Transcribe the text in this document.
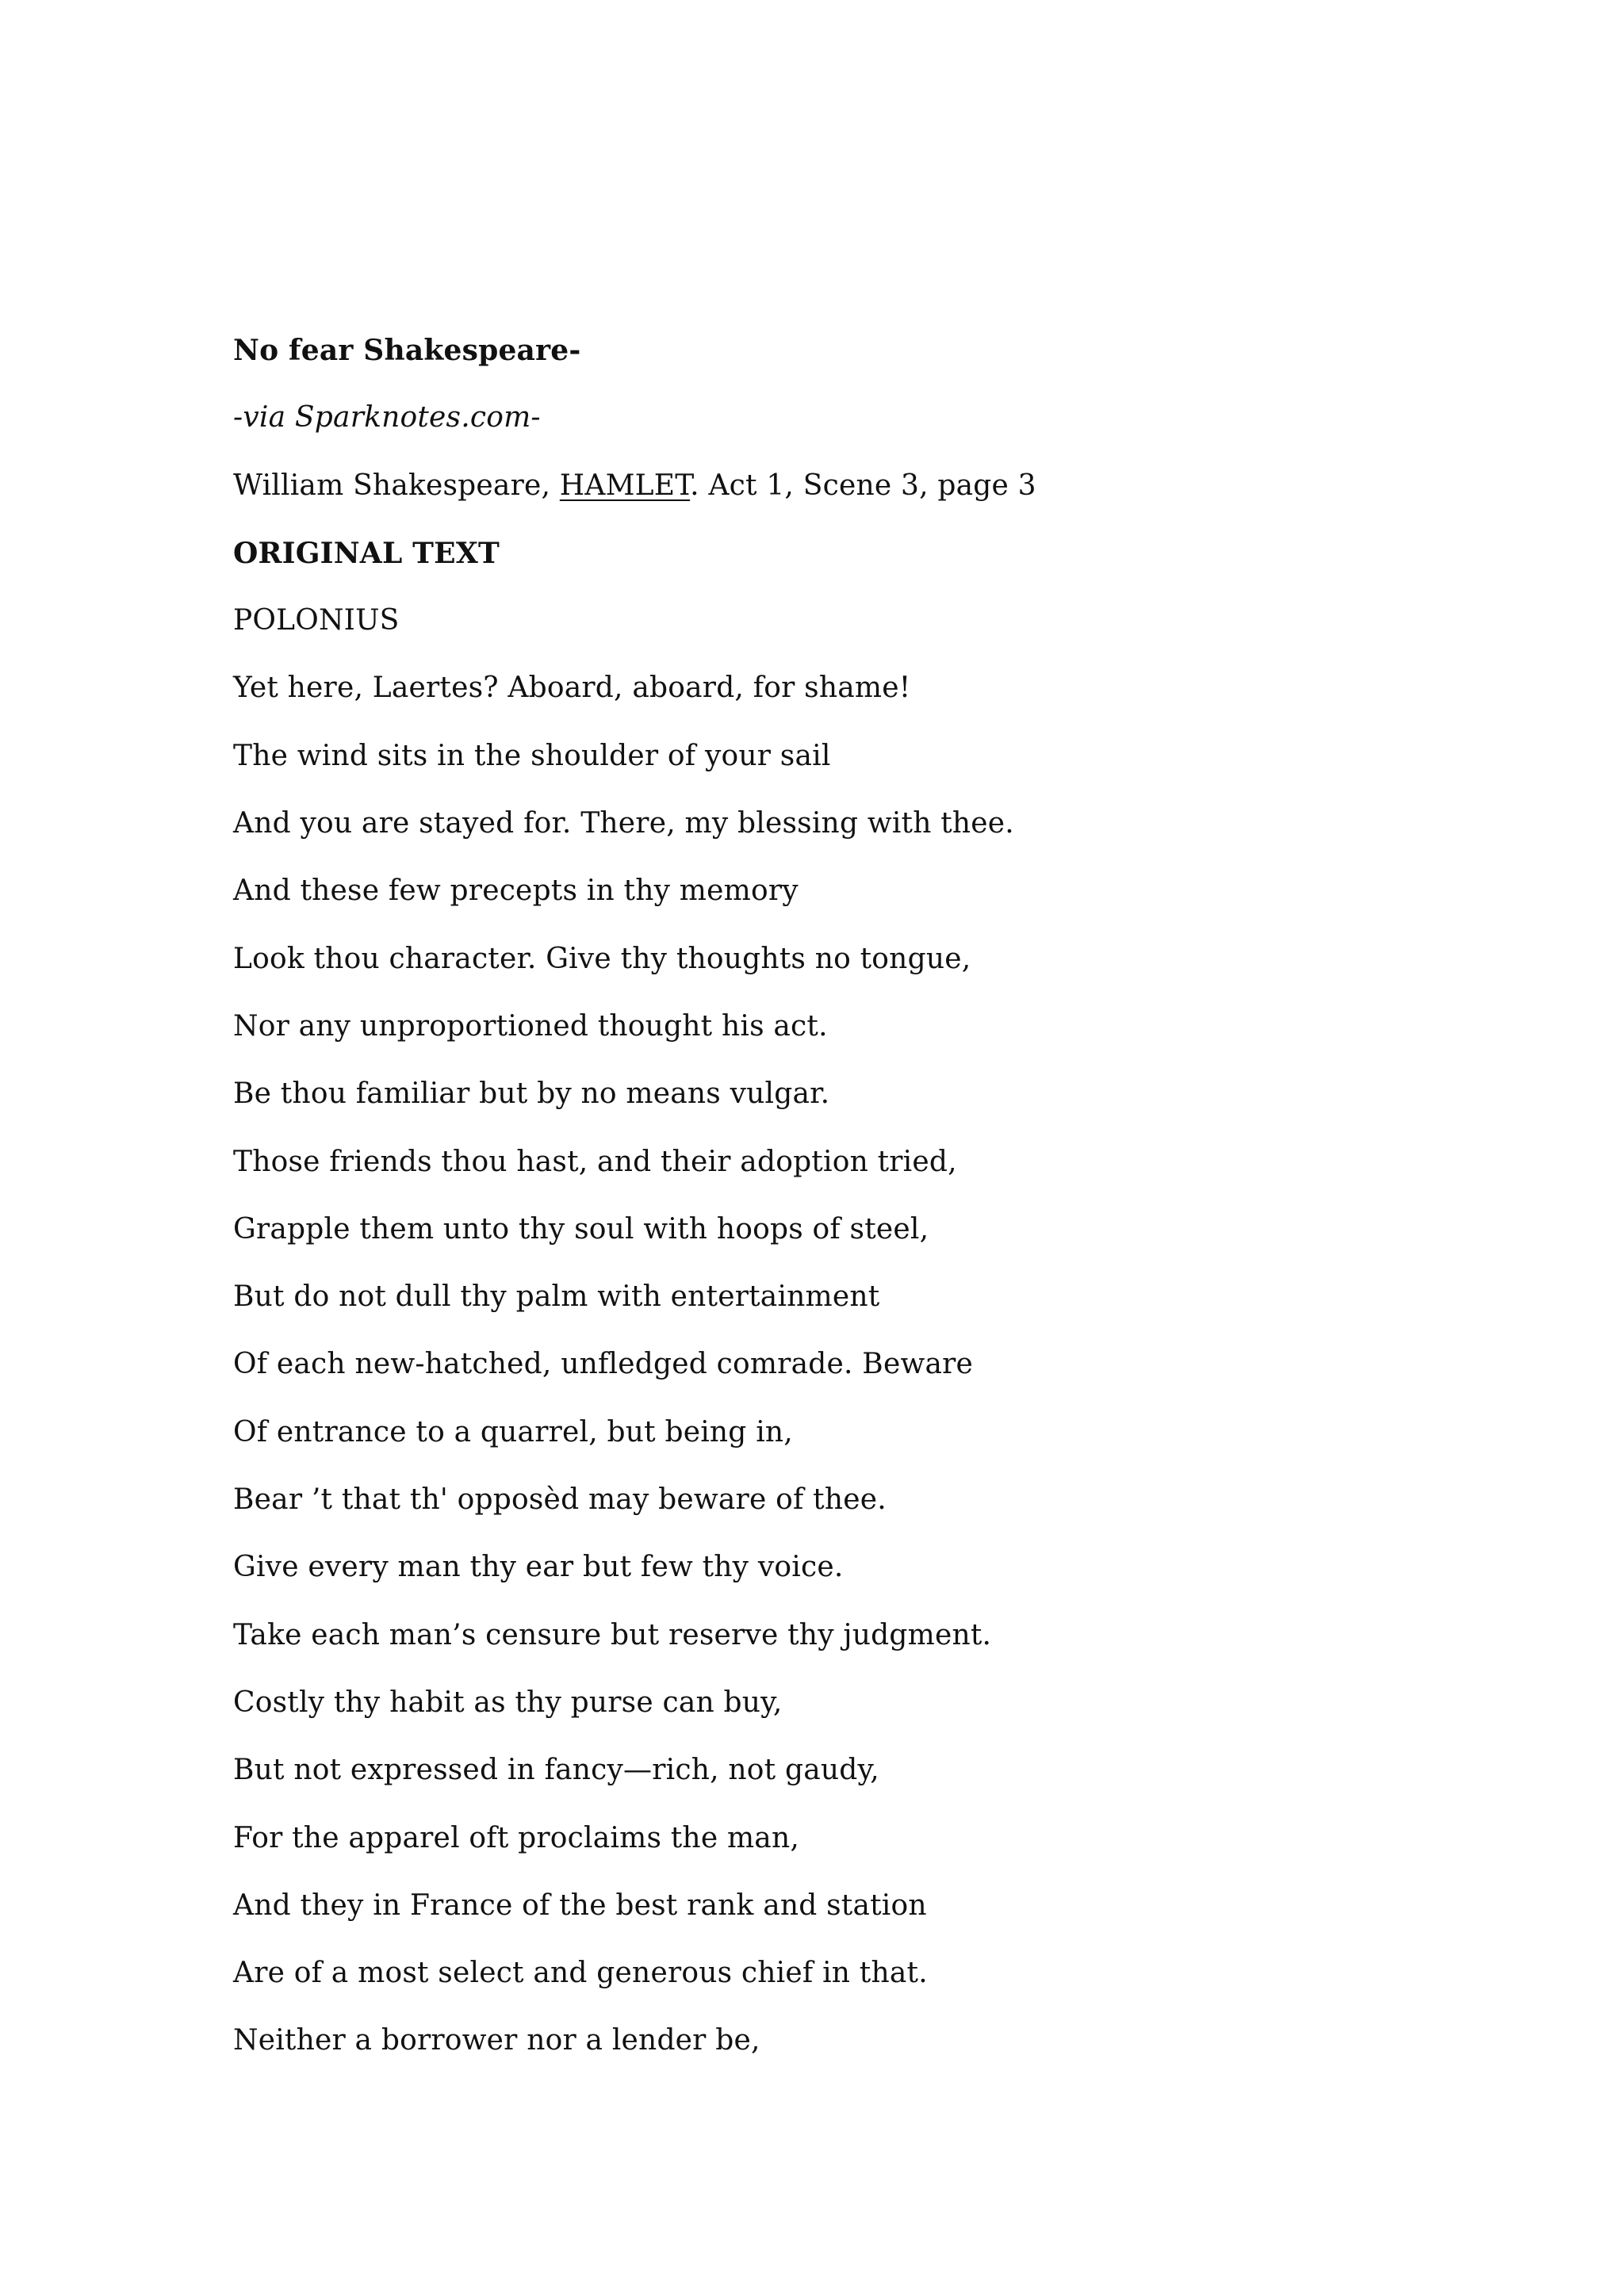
No fear Shakespeare-
-via Sparknotes.com-
William Shakespeare, HAMLET. Act 1, Scene 3, page 3
ORIGINAL TEXT
POLONIUS
Yet here, Laertes? Aboard, aboard, for shame!
The wind sits in the shoulder of your sail
And you are stayed for. There, my blessing with thee.
And these few precepts in thy memory
Look thou character. Give thy thoughts no tongue,
Nor any unproportioned thought his act.
Be thou familiar but by no means vulgar.
Those friends thou hast, and their adoption tried,
Grapple them unto thy soul with hoops of steel,
But do not dull thy palm with entertainment
Of each new-hatched, unfledged comrade. Beware
Of entrance to a quarrel, but being in,
Bear ’t that th' opposèd may beware of thee.
Give every man thy ear but few thy voice.
Take each man’s censure but reserve thy judgment.
Costly thy habit as thy purse can buy,
But not expressed in fancy—rich, not gaudy,
For the apparel oft proclaims the man,
And they in France of the best rank and station
Are of a most select and generous chief in that.
Neither a borrower nor a lender be,
